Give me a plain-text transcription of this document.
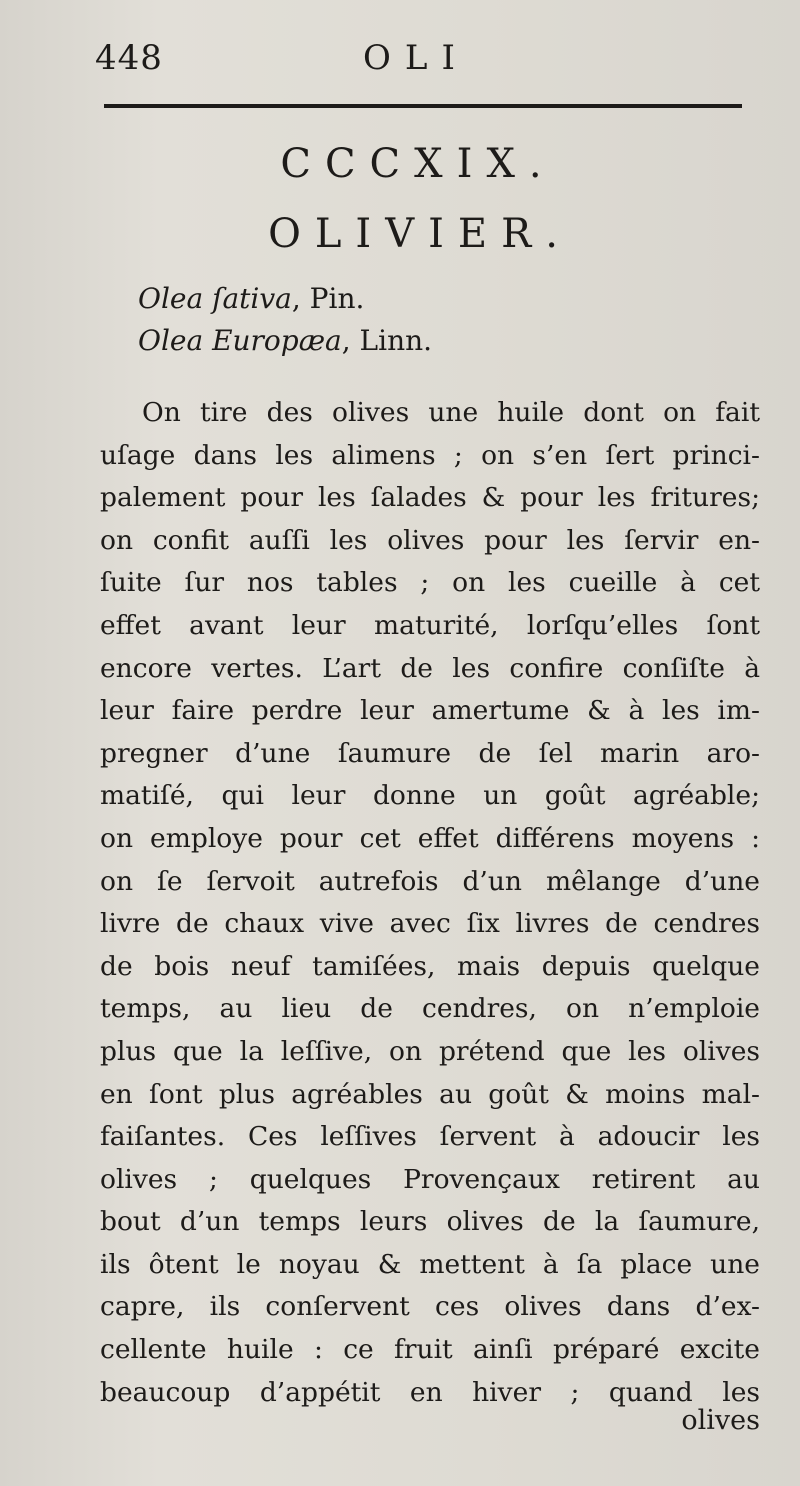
448	OLI
CCCXIX.
OLIVIER.
Olea ſativa, Pin.
Olea Europæa, Linn.
On tire des olives une huile dont on fait
uſage dans les alimens ; on s’en ſert princi-
palement pour les ſalades & pour les fritures;
on confit auſſi les olives pour les ſervir en-
ſuite ſur nos tables ; on les cueille à cet
effet avant leur maturité, lorſqu’elles ſont
encore vertes. L’art de les confire conſiſte à
leur faire perdre leur amertume & à les im-
pregner d’une ſaumure de ſel marin aro-
matiſé, qui leur donne un goût agréable;
on employe pour cet effet différens moyens :
on ſe ſervoit autrefois d’un mêlange d’une
livre de chaux vive avec ſix livres de cendres
de bois neuf tamiſées, mais depuis quelque
temps, au lieu de cendres, on n’emploie
plus que la leſſive, on prétend que les olives
en ſont plus agréables au goût & moins mal-
faiſantes. Ces leſſives ſervent à adoucir les
olives ; quelques Provençaux retirent au
bout d’un temps leurs olives de la ſaumure,
ils ôtent le noyau & mettent à ſa place une
capre, ils conſervent ces olives dans d’ex-
cellente huile : ce fruit ainſi préparé excite
beaucoup d’appétit en hiver ; quand les
olives
